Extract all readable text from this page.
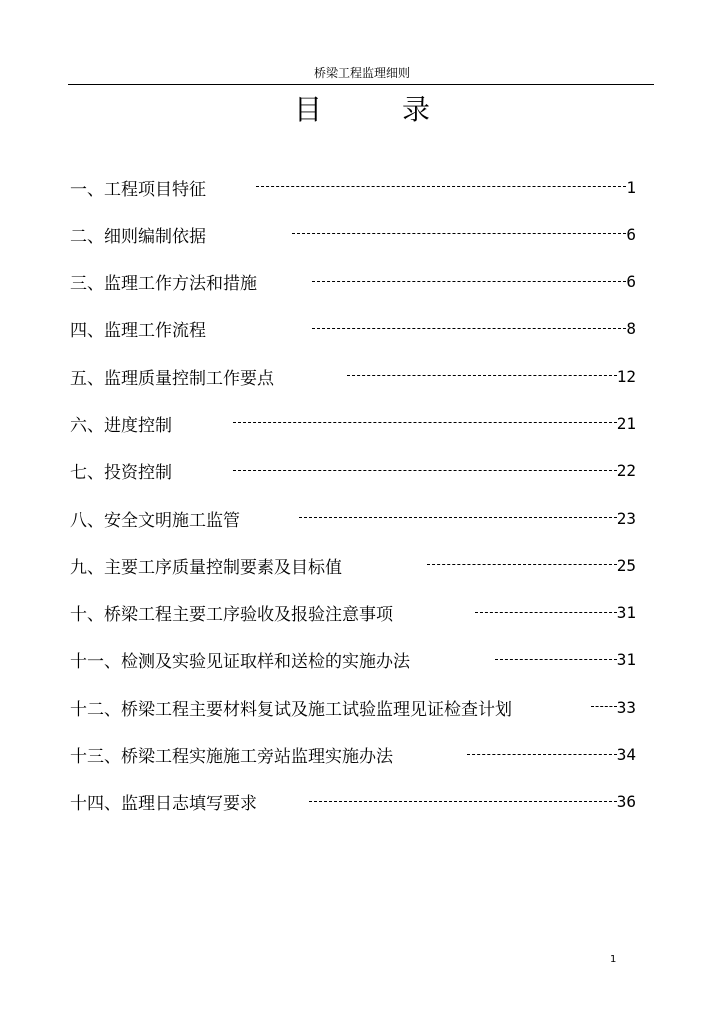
桥梁工程监理细则
目	录
一、工程项目特征	1
二、细则编制依据	6
三、监理工作方法和措施	6
四、监理工作流程	8
五、监理质量控制工作要点	12
六、进度控制	21
七、投资控制	22
八、安全文明施工监管	23
九、主要工序质量控制要素及目标值	25
十、桥梁工程主要工序验收及报验注意事项	31
十一、检测及实验见证取样和送检的实施办法	31
十二、桥梁工程主要材料复试及施工试验监理见证检查计划	33
十三、桥梁工程实施施工旁站监理实施办法	34
十四、监理日志填写要求	36
1
